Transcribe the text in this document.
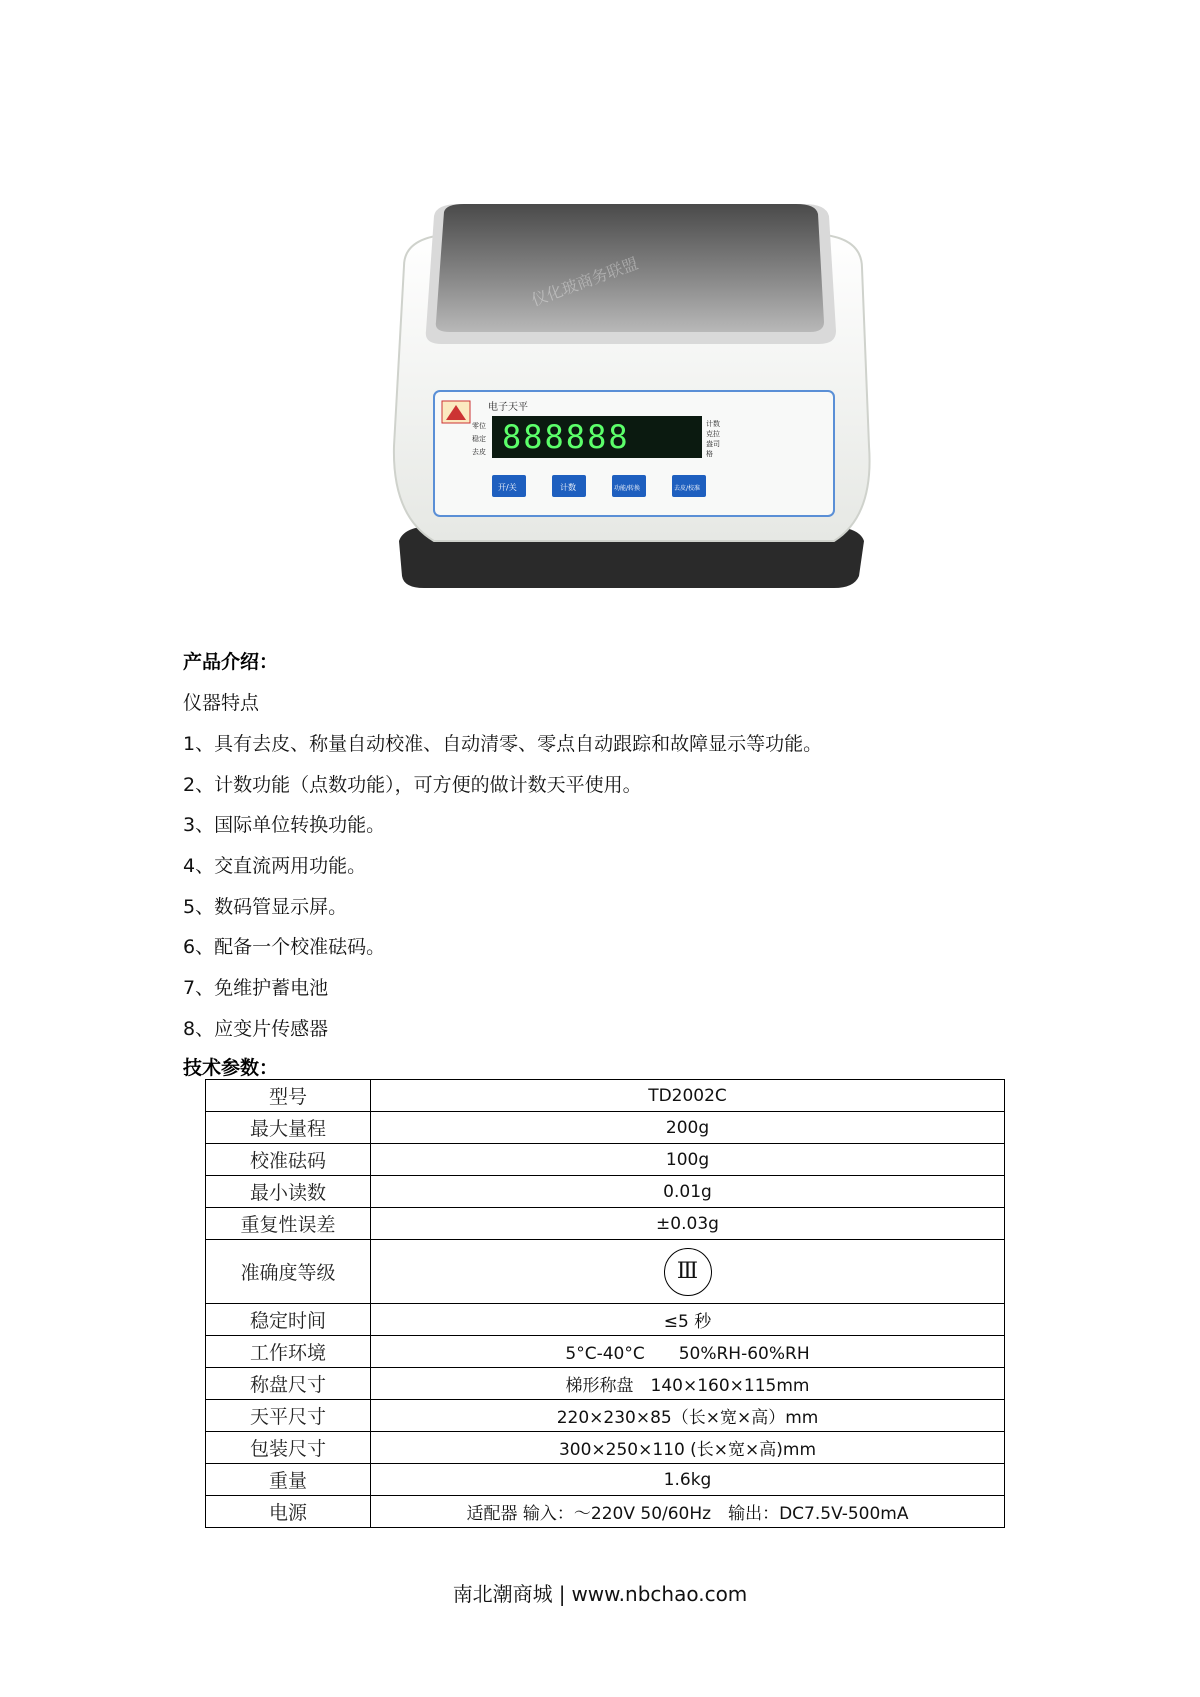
电子天平
零位
稳定
去皮 888888	计数
克拉
盎司
格
开/关	计数	功能/转换	去皮/校准
仪化玻商务联盟
产品介绍：
仪器特点
1、具有去皮、称量自动校准、自动清零、零点自动跟踪和故障显示等功能。
2、计数功能（点数功能），可方便的做计数天平使用。
3、国际单位转换功能。
4、交直流两用功能。
5、数码管显示屏。
6、配备一个校准砝码。
7、免维护蓄电池
8、应变片传感器
技术参数：
型号	TD2002C
最大量程	200g
校准砝码	100g
最小读数	0.01g
重复性误差	±0.03g
准确度等级	Ⅲ
稳定时间	≤5 秒
工作环境	5°C-40°C　　50%RH-60%RH
称盘尺寸	梯形称盘　140×160×115mm
天平尺寸	220×230×85（长×宽×高）mm
包装尺寸	300×250×110 (长×宽×高)mm
重量	1.6kg
电源	适配器 输入：～220V 50/60Hz　输出：DC7.5V-500mA
南北潮商城 | www.nbchao.com
